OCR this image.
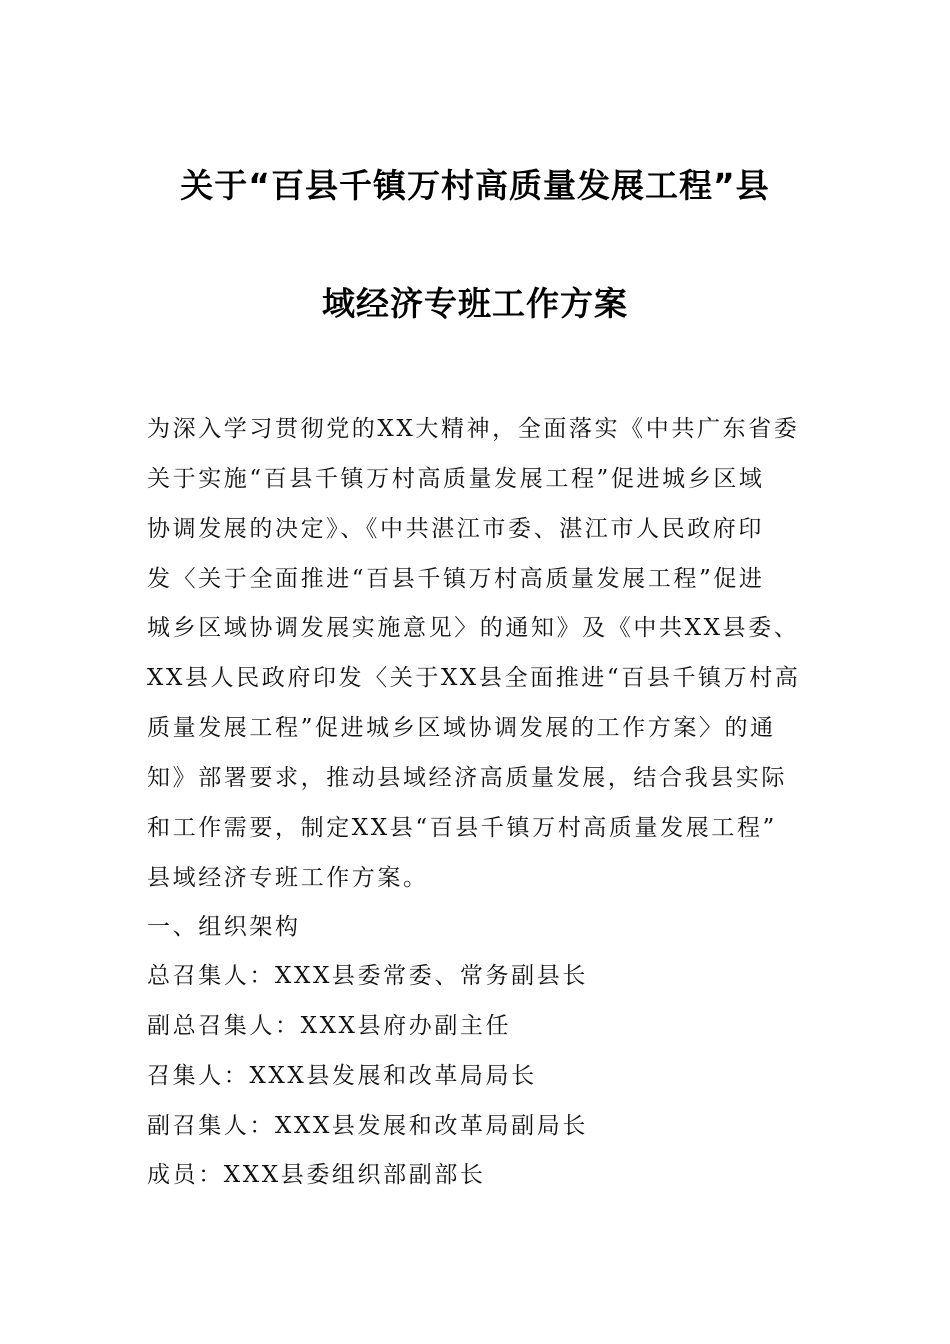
关于“百县千镇万村高质量发展工程”县
域经济专班工作方案
为深入学习贯彻党的XX大精神，全面落实《中共广东省委
关于实施“百县千镇万村高质量发展工程”促进城乡区域
协调发展的决定》、《中共湛江市委、湛江市人民政府印
发〈关于全面推进“百县千镇万村高质量发展工程”促进
城乡区域协调发展实施意见〉的通知》及《中共XX县委、
XX县人民政府印发〈关于XX县全面推进“百县千镇万村高
质量发展工程”促进城乡区域协调发展的工作方案〉的通
知》部署要求，推动县域经济高质量发展，结合我县实际
和工作需要，制定XX县“百县千镇万村高质量发展工程”
县域经济专班工作方案。
一、组织架构
总召集人：XXX县委常委、常务副县长
副总召集人：XXX县府办副主任
召集人：XXX县发展和改革局局长
副召集人：XXX县发展和改革局副局长
成员：XXX县委组织部副部长
